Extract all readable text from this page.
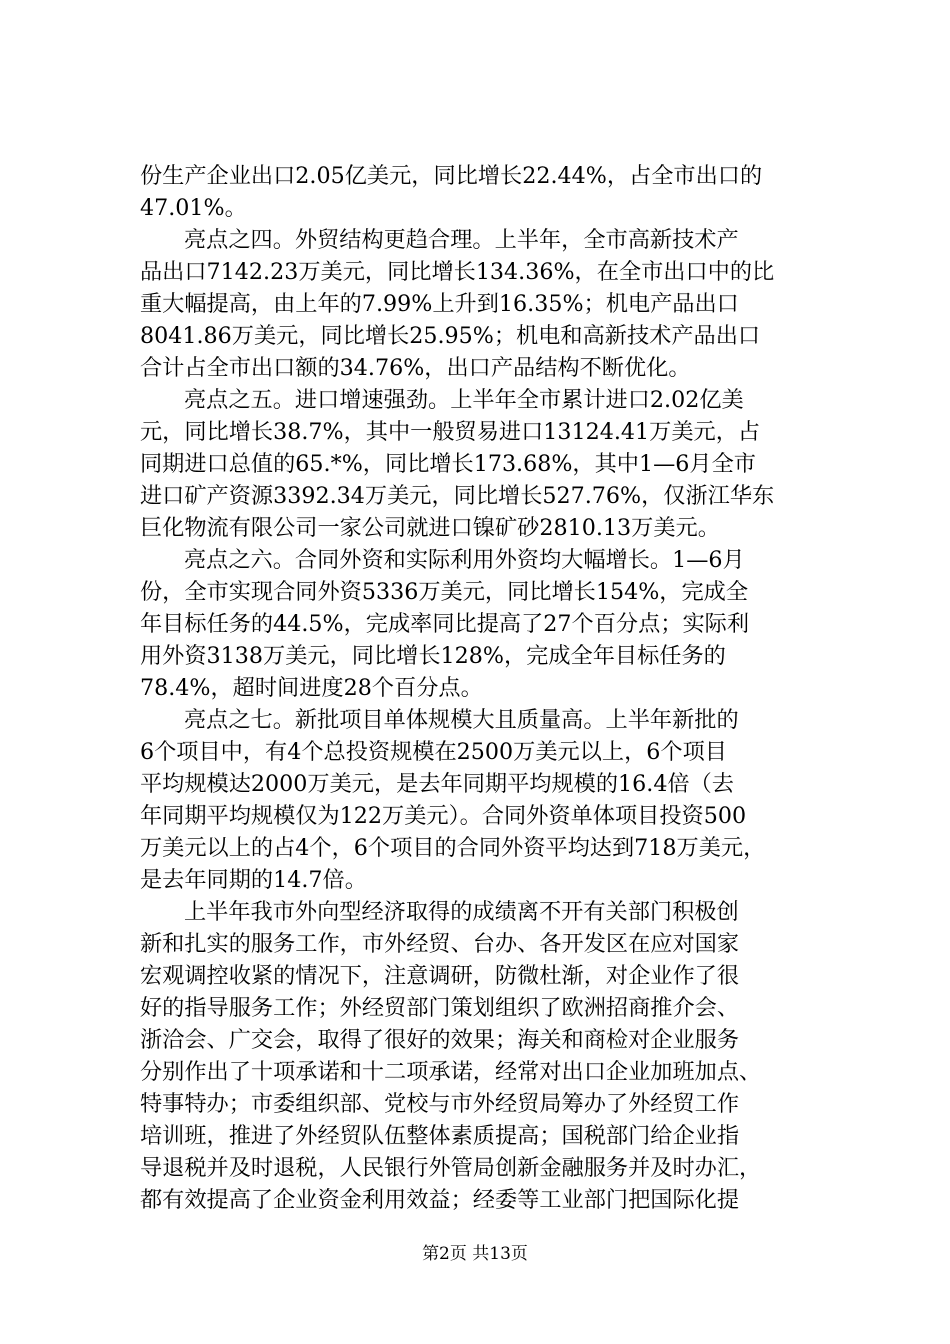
份生产企业出口2.05亿美元，同比增长22.44%，占全市出口的
47.01%。
亮点之四。外贸结构更趋合理。上半年，全市高新技术产
品出口7142.23万美元，同比增长134.36%，在全市出口中的比
重大幅提高，由上年的7.99%上升到16.35%；机电产品出口
8041.86万美元，同比增长25.95%；机电和高新技术产品出口
合计占全市出口额的34.76%，出口产品结构不断优化。
亮点之五。进口增速强劲。上半年全市累计进口2.02亿美
元，同比增长38.7%，其中一般贸易进口13124.41万美元，占
同期进口总值的65.*%，同比增长173.68%，其中1—6月全市
进口矿产资源3392.34万美元，同比增长527.76%，仅浙江华东
巨化物流有限公司一家公司就进口镍矿砂2810.13万美元。
亮点之六。合同外资和实际利用外资均大幅增长。1—6月
份，全市实现合同外资5336万美元，同比增长154%，完成全
年目标任务的44.5%，完成率同比提高了27个百分点；实际利
用外资3138万美元，同比增长128%，完成全年目标任务的
78.4%，超时间进度28个百分点。
亮点之七。新批项目单体规模大且质量高。上半年新批的
6个项目中，有4个总投资规模在2500万美元以上，6个项目
平均规模达2000万美元，是去年同期平均规模的16.4倍（去
年同期平均规模仅为122万美元）。合同外资单体项目投资500
万美元以上的占4个，6个项目的合同外资平均达到718万美元，
是去年同期的14.7倍。
上半年我市外向型经济取得的成绩离不开有关部门积极创
新和扎实的服务工作，市外经贸、台办、各开发区在应对国家
宏观调控收紧的情况下，注意调研，防微杜渐，对企业作了很
好的指导服务工作；外经贸部门策划组织了欧洲招商推介会、
浙洽会、广交会，取得了很好的效果；海关和商检对企业服务
分别作出了十项承诺和十二项承诺，经常对出口企业加班加点、
特事特办；市委组织部、党校与市外经贸局筹办了外经贸工作
培训班，推进了外经贸队伍整体素质提高；国税部门给企业指
导退税并及时退税，人民银行外管局创新金融服务并及时办汇，
都有效提高了企业资金利用效益；经委等工业部门把国际化提
第2页 共13页
